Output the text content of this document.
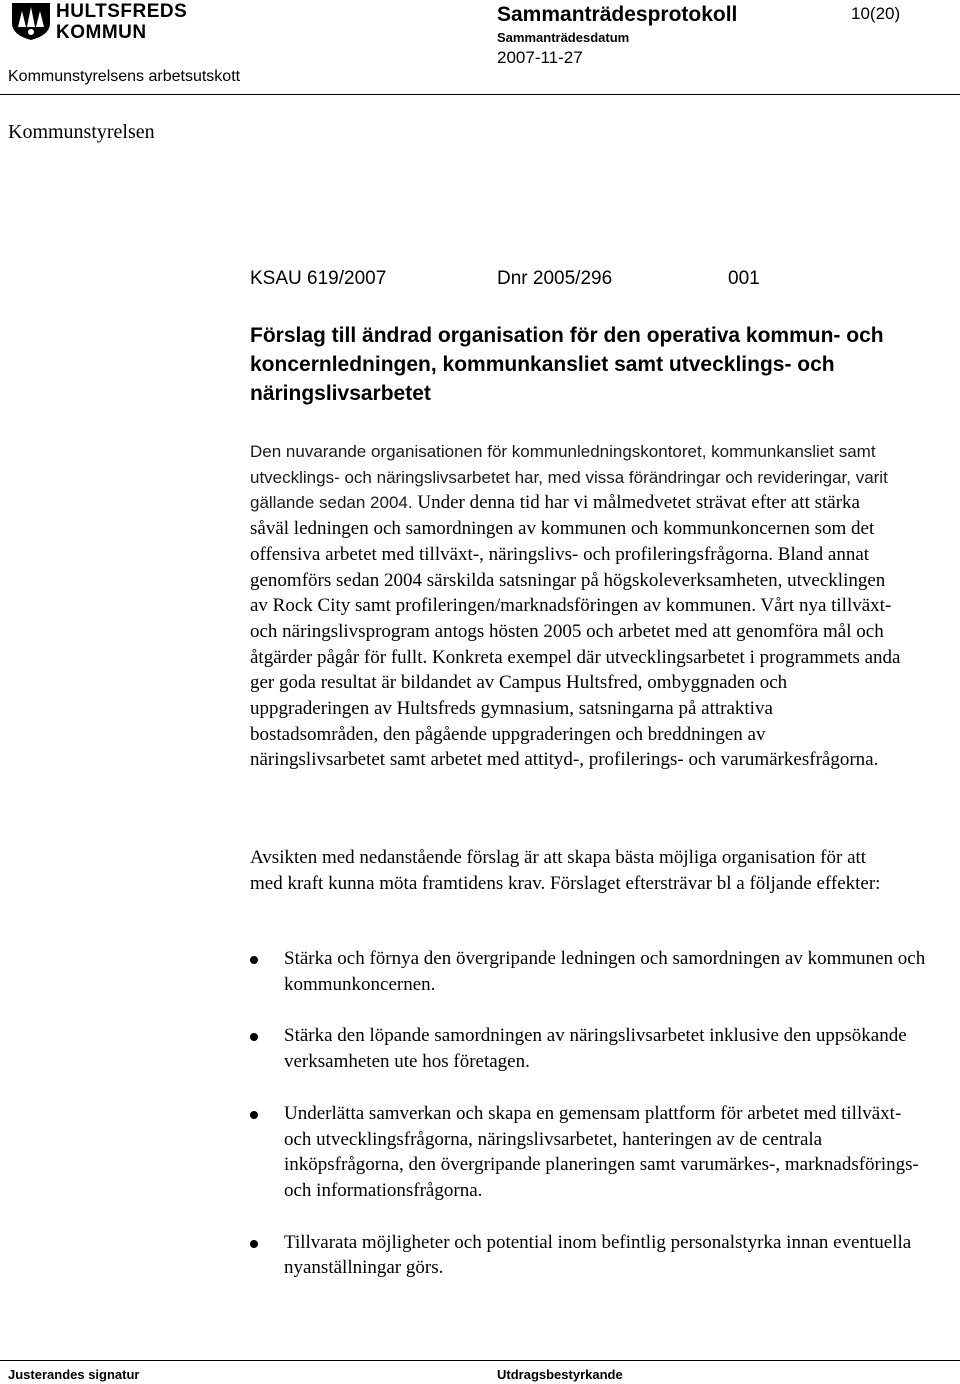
HULTSFREDS
KOMMUN
Sammanträdesprotokoll
Sammanträdesdatum
2007-11-27
10(20)
Kommunstyrelsens arbetsutskott
Kommunstyrelsen
KSAU 619/2007	Dnr 2005/296	001
Förslag till ändrad organisation för den operativa kommun- och koncernledningen, kommunkansliet samt utvecklings- och näringslivsarbetet

Den nuvarande organisationen för kommunledningskontoret, kommunkansliet samt utvecklings- och näringslivsarbetet har, med vissa förändringar och revideringar, varit gällande sedan 2004. Under denna tid har vi målmedvetet strävat efter att stärka såväl ledningen och samordningen av kommunen och kommunkoncernen som det offensiva arbetet med tillväxt-, näringslivs- och profileringsfrågorna. Bland annat genomförs sedan 2004 särskilda satsningar på högskoleverksamheten, utvecklingen av Rock City samt profileringen/marknadsföringen av kommunen. Vårt nya tillväxt- och näringslivsprogram antogs hösten 2005 och arbetet med att genomföra mål och åtgärder pågår för fullt. Konkreta exempel där utvecklingsarbetet i programmets anda ger goda resultat är bildandet av Campus Hultsfred, ombyggnaden och uppgraderingen av Hultsfreds gymnasium, satsningarna på attraktiva bostadsområden, den pågående uppgraderingen och breddningen av näringslivsarbetet samt arbetet med attityd-, profilerings- och varumärkesfrågorna.

Avsikten med nedanstående förslag är att skapa bästa möjliga organisation för att med kraft kunna möta framtidens krav. Förslaget eftersträvar bl a följande effekter:

Stärka och förnya den övergripande ledningen och samordningen av kommunen och kommunkoncernen.
Stärka den löpande samordningen av näringslivsarbetet inklusive den uppsökande verksamheten ute hos företagen.
Underlätta samverkan och skapa en gemensam plattform för arbetet med tillväxt- och utvecklingsfrågorna, näringslivsarbetet, hanteringen av de centrala inköpsfrågorna, den övergripande planeringen samt varumärkes-, marknadsförings- och informationsfrågorna.
Tillvarata möjligheter och potential inom befintlig personalstyrka innan eventuella nyanställningar görs.
Justerandes signatur	Utdragsbestyrkande
